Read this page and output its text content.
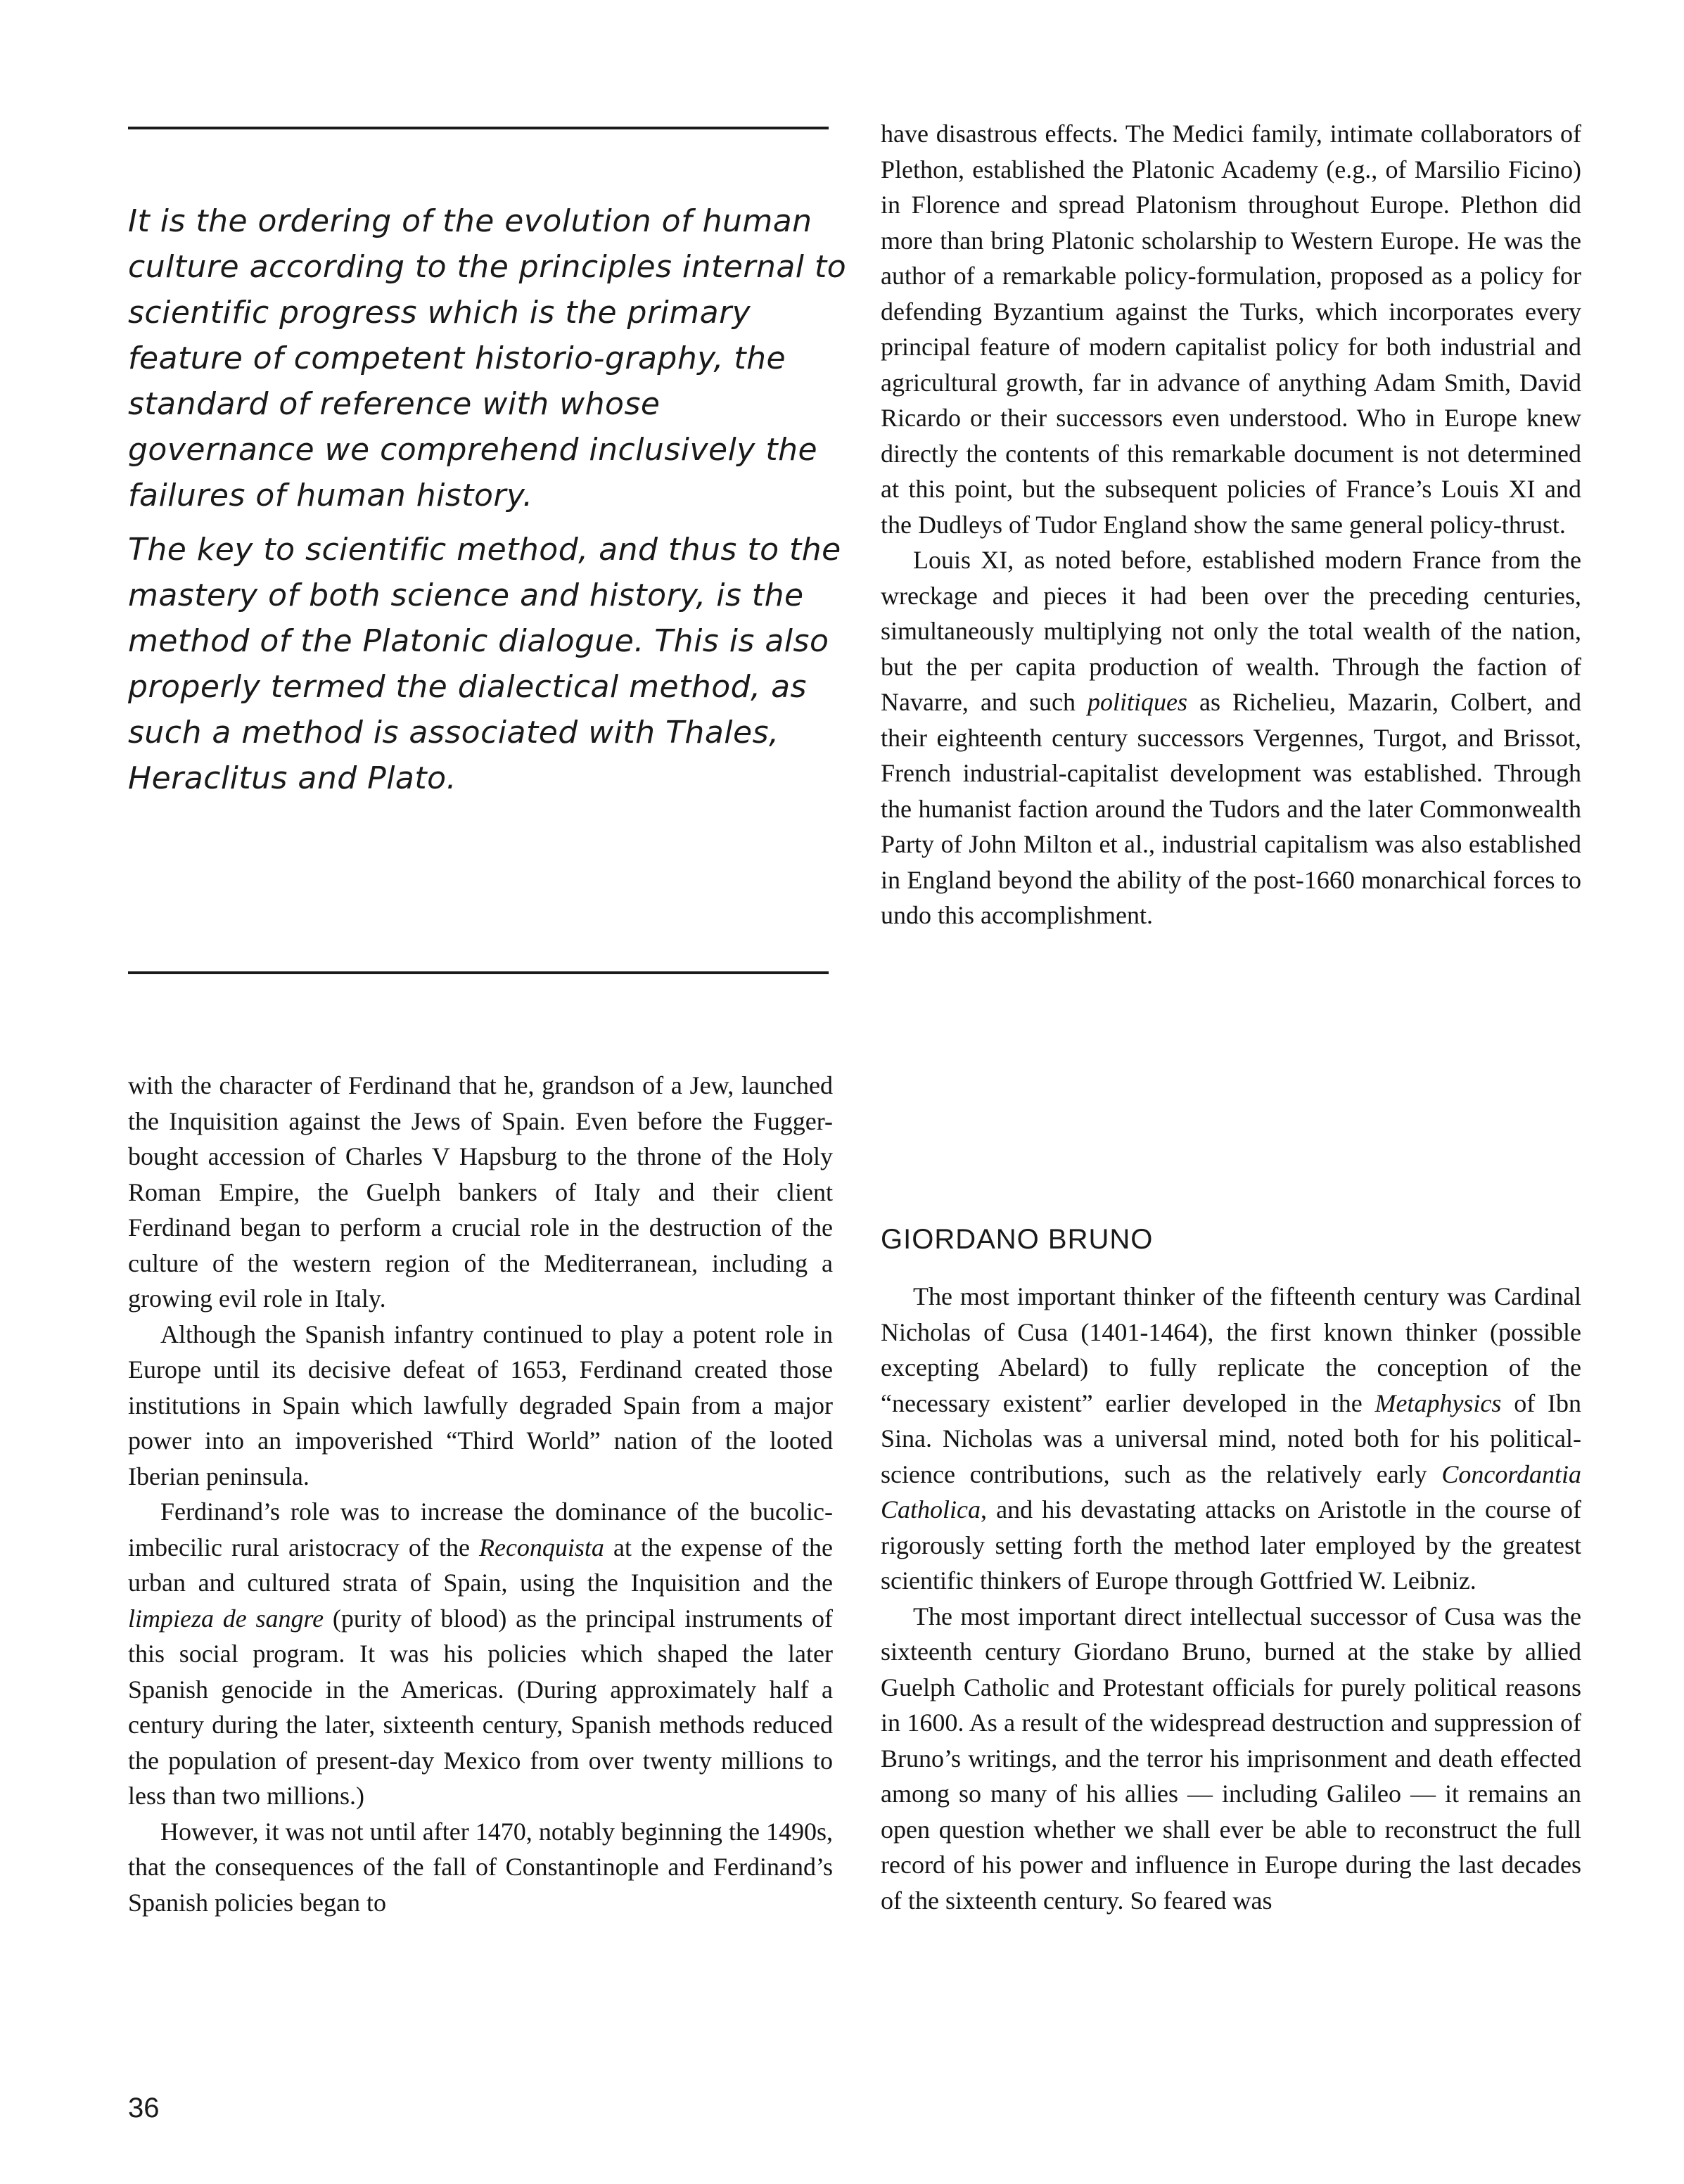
It is the ordering of the evolution of human culture according to the principles internal to scientific progress which is the primary feature of competent historio-graphy, the standard of reference with whose governance we comprehend inclusively the failures of human history.

The key to scientific method, and thus to the mastery of both science and history, is the method of the Platonic dialogue. This is also properly termed the dialectical method, as such a method is associated with Thales, Heraclitus and Plato.

with the character of Ferdinand that he, grandson of a Jew, launched the Inquisition against the Jews of Spain. Even before the Fugger-bought accession of Charles V Hapsburg to the throne of the Holy Roman Empire, the Guelph bankers of Italy and their client Ferdinand began to perform a crucial role in the destruction of the culture of the western region of the Mediterranean, including a growing evil role in Italy.

Although the Spanish infantry continued to play a potent role in Europe until its decisive defeat of 1653, Ferdinand created those institutions in Spain which lawfully degraded Spain from a major power into an impoverished “Third World” nation of the looted Iberian peninsula.

Ferdinand’s role was to increase the dominance of the bucolic-imbecilic rural aristocracy of the Reconquista at the expense of the urban and cultured strata of Spain, using the Inquisition and the limpieza de sangre (purity of blood) as the principal instruments of this social program. It was his policies which shaped the later Spanish genocide in the Americas. (During approximately half a century during the later, sixteenth century, Spanish methods reduced the population of present-day Mexico from over twenty millions to less than two millions.)

However, it was not until after 1470, notably beginning the 1490s, that the consequences of the fall of Constantinople and Ferdinand’s Spanish policies began to

have disastrous effects. The Medici family, intimate collaborators of Plethon, established the Platonic Academy (e.g., of Marsilio Ficino) in Florence and spread Platonism throughout Europe. Plethon did more than bring Platonic scholarship to Western Europe. He was the author of a remarkable policy-formulation, proposed as a policy for defending Byzantium against the Turks, which incorporates every principal feature of modern capitalist policy for both industrial and agricultural growth, far in advance of anything Adam Smith, David Ricardo or their successors even understood. Who in Europe knew directly the contents of this remarkable document is not determined at this point, but the subsequent policies of France’s Louis XI and the Dudleys of Tudor England show the same general policy-thrust.

Louis XI, as noted before, established modern France from the wreckage and pieces it had been over the preceding centuries, simultaneously multiplying not only the total wealth of the nation, but the per capita production of wealth. Through the faction of Navarre, and such politiques as Richelieu, Mazarin, Colbert, and their eighteenth century successors Vergennes, Turgot, and Brissot, French industrial-capitalist development was established. Through the humanist faction around the Tudors and the later Commonwealth Party of John Milton et al., industrial capitalism was also established in England beyond the ability of the post-1660 monarchical forces to undo this accomplishment.

GIORDANO BRUNO

The most important thinker of the fifteenth century was Cardinal Nicholas of Cusa (1401-1464), the first known thinker (possible excepting Abelard) to fully replicate the conception of the “necessary existent” earlier developed in the Metaphysics of Ibn Sina. Nicholas was a universal mind, noted both for his political-science contributions, such as the relatively early Concordantia Catholica, and his devastating attacks on Aristotle in the course of rigorously setting forth the method later employed by the greatest scientific thinkers of Europe through Gottfried W. Leibniz.

The most important direct intellectual successor of Cusa was the sixteenth century Giordano Bruno, burned at the stake by allied Guelph Catholic and Protestant officials for purely political reasons in 1600. As a result of the widespread destruction and suppression of Bruno’s writings, and the terror his imprisonment and death effected among so many of his allies — including Galileo — it remains an open question whether we shall ever be able to reconstruct the full record of his power and influence in Europe during the last decades of the sixteenth century. So feared was

36
